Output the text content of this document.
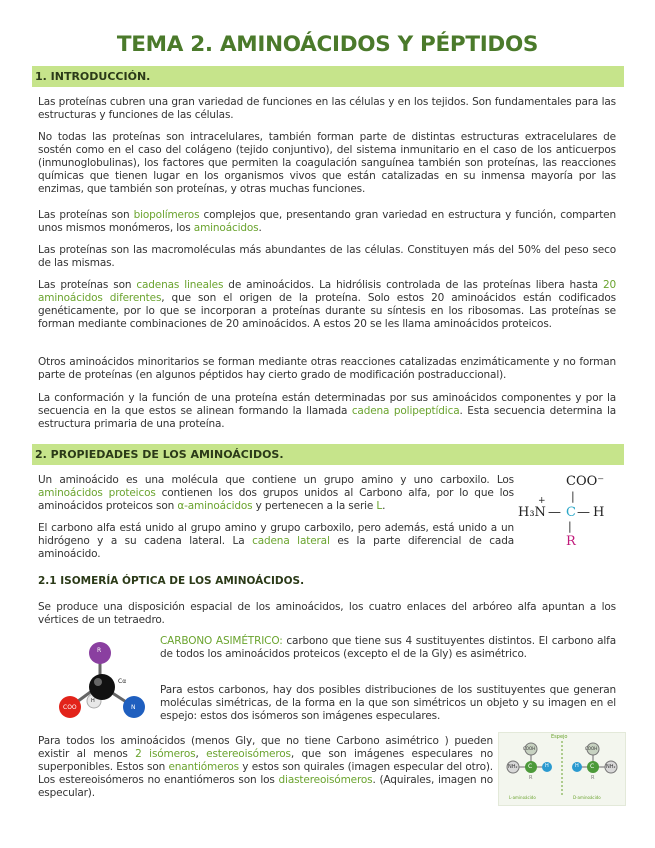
TEMA 2. AMINOÁCIDOS Y PÉPTIDOS
1. INTRODUCCIÓN.
Las proteínas cubren una gran variedad de funciones en las células y en los tejidos. Son fundamentales para las estructuras y funciones de las células.
No todas las proteínas son intracelulares, también forman parte de distintas estructuras extracelulares de sostén como en el caso del colágeno (tejido conjuntivo), del sistema inmunitario en el caso de los anticuerpos (inmunoglobulinas), los factores que permiten la coagulación sanguínea también son proteínas, las reacciones químicas que tienen lugar en los organismos vivos que están catalizadas en su inmensa mayoría por las enzimas, que también son proteínas, y otras muchas funciones.
Las proteínas son biopolímeros complejos que, presentando gran variedad en estructura y función, comparten unos mismos monómeros, los aminoácidos.
Las proteínas son las macromoléculas más abundantes de las células. Constituyen más del 50% del peso seco de las mismas.
Las proteínas son cadenas lineales de aminoácidos. La hidrólisis controlada de las proteínas libera hasta 20 aminoácidos diferentes, que son el origen de la proteína. Solo estos 20 aminoácidos están codificados genéticamente, por lo que se incorporan a proteínas durante su síntesis en los ribosomas. Las proteínas se forman mediante combinaciones de 20 aminoácidos. A estos 20 se les llama aminoácidos proteicos.
Otros aminoácidos minoritarios se forman mediante otras reacciones catalizadas enzimáticamente y no forman parte de proteínas (en algunos péptidos hay cierto grado de modificación postraduccional).
La conformación y la función de una proteína están determinadas por sus aminoácidos componentes y por la secuencia en la que estos se alinean formando la llamada cadena polipeptídica. Esta secuencia determina la estructura primaria de una proteína.
2. PROPIEDADES DE LOS AMINOÁCIDOS.
Un aminoácido es una molécula que contiene un grupo amino y uno carboxilo. Los aminoácidos proteicos contienen los dos grupos unidos al Carbono alfa, por lo que los aminoácidos proteicos son α-aminoácidos y pertenecen a la serie L.
El carbono alfa está unido al grupo amino y grupo carboxilo, pero además, está unido a un hidrógeno y a su cadena lateral. La cadena lateral es la parte diferencial de cada aminoácido.
COO⁻
|
+
H₃N — C — H
|
R
2.1 ISOMERÍA ÓPTICA DE LOS AMINOÁCIDOS.
Se produce una disposición espacial de los aminoácidos, los cuatro enlaces del arbóreo alfa apuntan a los vértices de un tetraedro.
R
Cα
H
COO	N
CARBONO ASIMÉTRICO: carbono que tiene sus 4 sustituyentes distintos. El carbono alfa de todos los aminoácidos proteicos (excepto el de la Gly) es asimétrico.
Para estos carbonos, hay dos posibles distribuciones de los sustituyentes que generan moléculas simétricas, de la forma en la que son simétricos un objeto y su imagen en el espejo: estos dos isómeros son imágenes especulares.
Para todos los aminoácidos (menos Gly, que no tiene Carbono asimétrico ) pueden existir al menos 2 isómeros, estereoisómeros, que son imágenes especulares no superponibles. Estos son enantiómeros y estos son quirales (imagen especular del otro). Los estereoisómeros no enantiómeros son los diastereoisómeros. (Aquirales, imagen no especular).
Espejo
COOH	COOH
NH₂	NH₂
C	C
H	H
R	R
L-aminoácido	D-aminoácido
